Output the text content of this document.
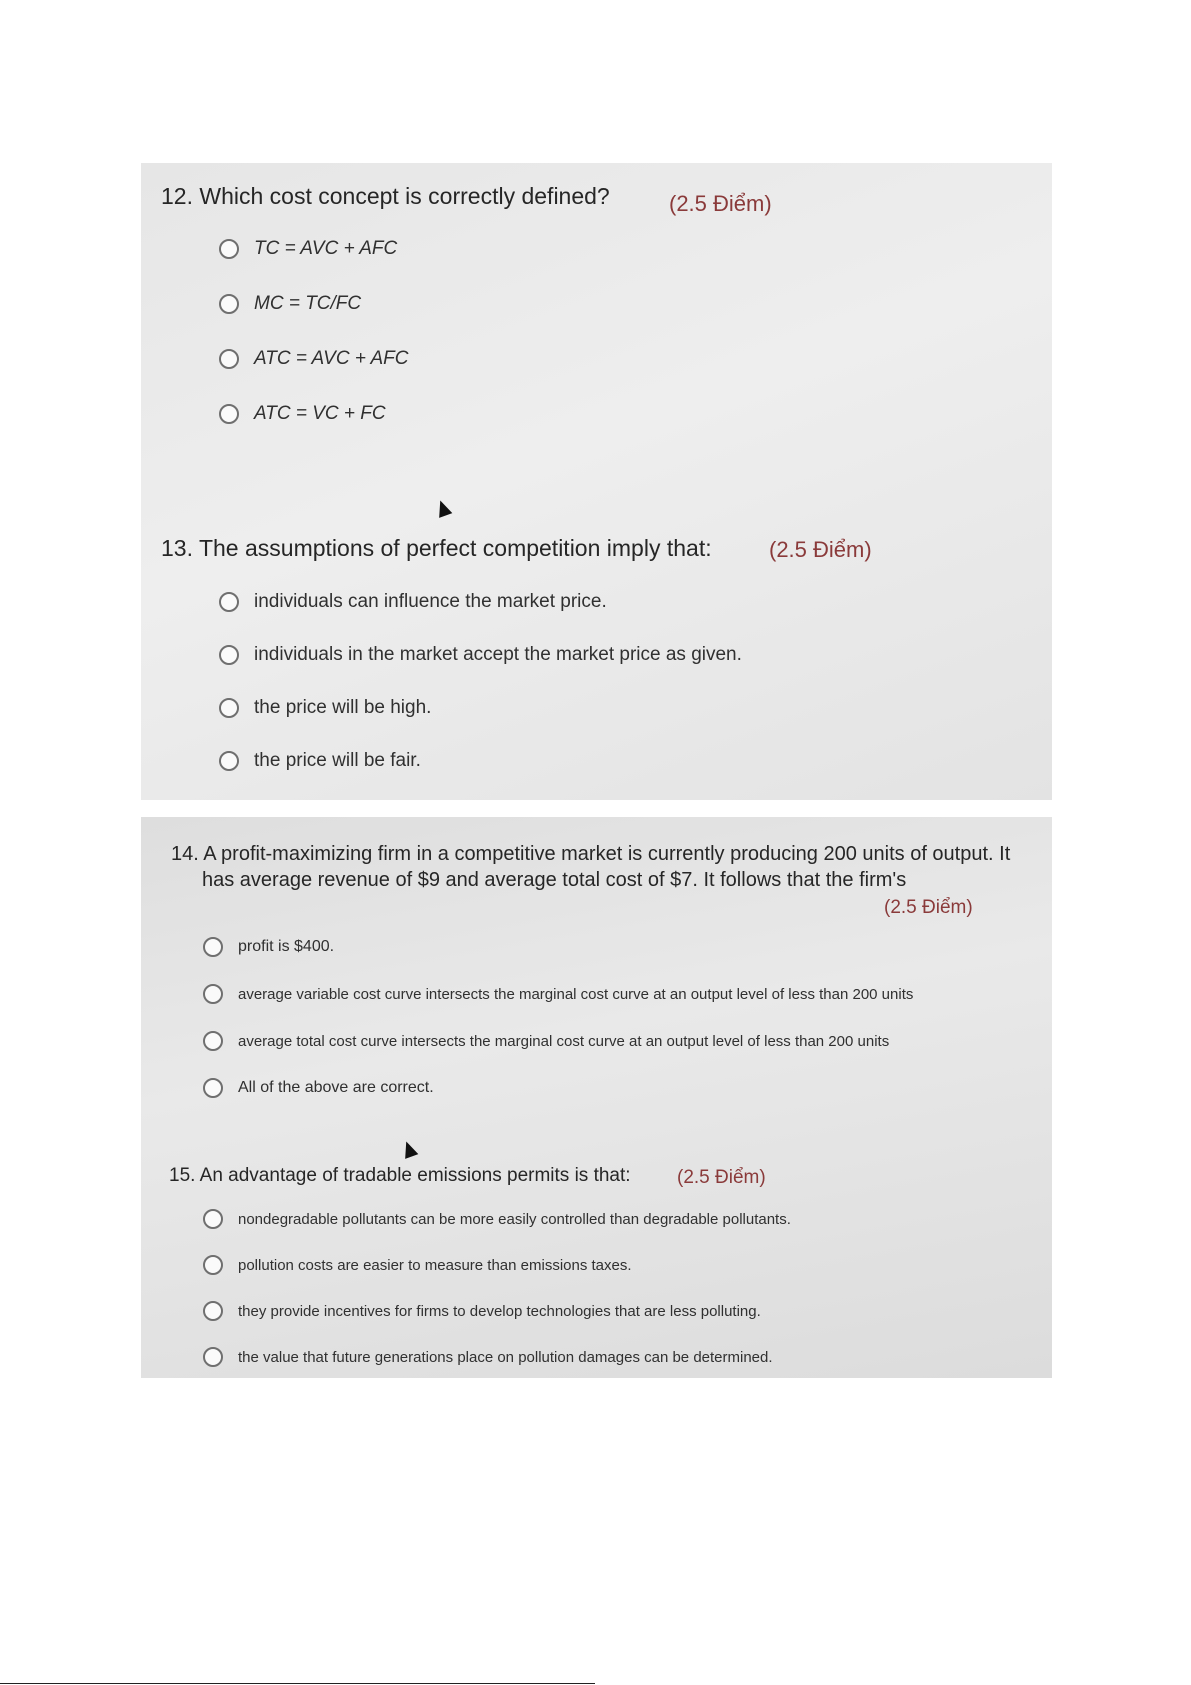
12. Which cost concept is correctly defined?	(2.5 Điểm)
TC = AVC + AFC
MC = TC/FC
ATC = AVC + AFC
ATC = VC + FC
13. The assumptions of perfect competition imply that:	(2.5 Điểm)
individuals can influence the market price.
individuals in the market accept the market price as given.
the price will be high.
the price will be fair.
14. A profit-maximizing firm in a competitive market is currently producing 200 units of output. It
has average revenue of $9 and average total cost of $7. It follows that the firm's
(2.5 Điểm)
profit is $400.
average variable cost curve intersects the marginal cost curve at an output level of less than 200 units
average total cost curve intersects the marginal cost curve at an output level of less than 200 units
All of the above are correct.
15. An advantage of tradable emissions permits is that: (2.5 Điểm)
nondegradable pollutants can be more easily controlled than degradable pollutants.
pollution costs are easier to measure than emissions taxes.
they provide incentives for firms to develop technologies that are less polluting.
the value that future generations place on pollution damages can be determined.
